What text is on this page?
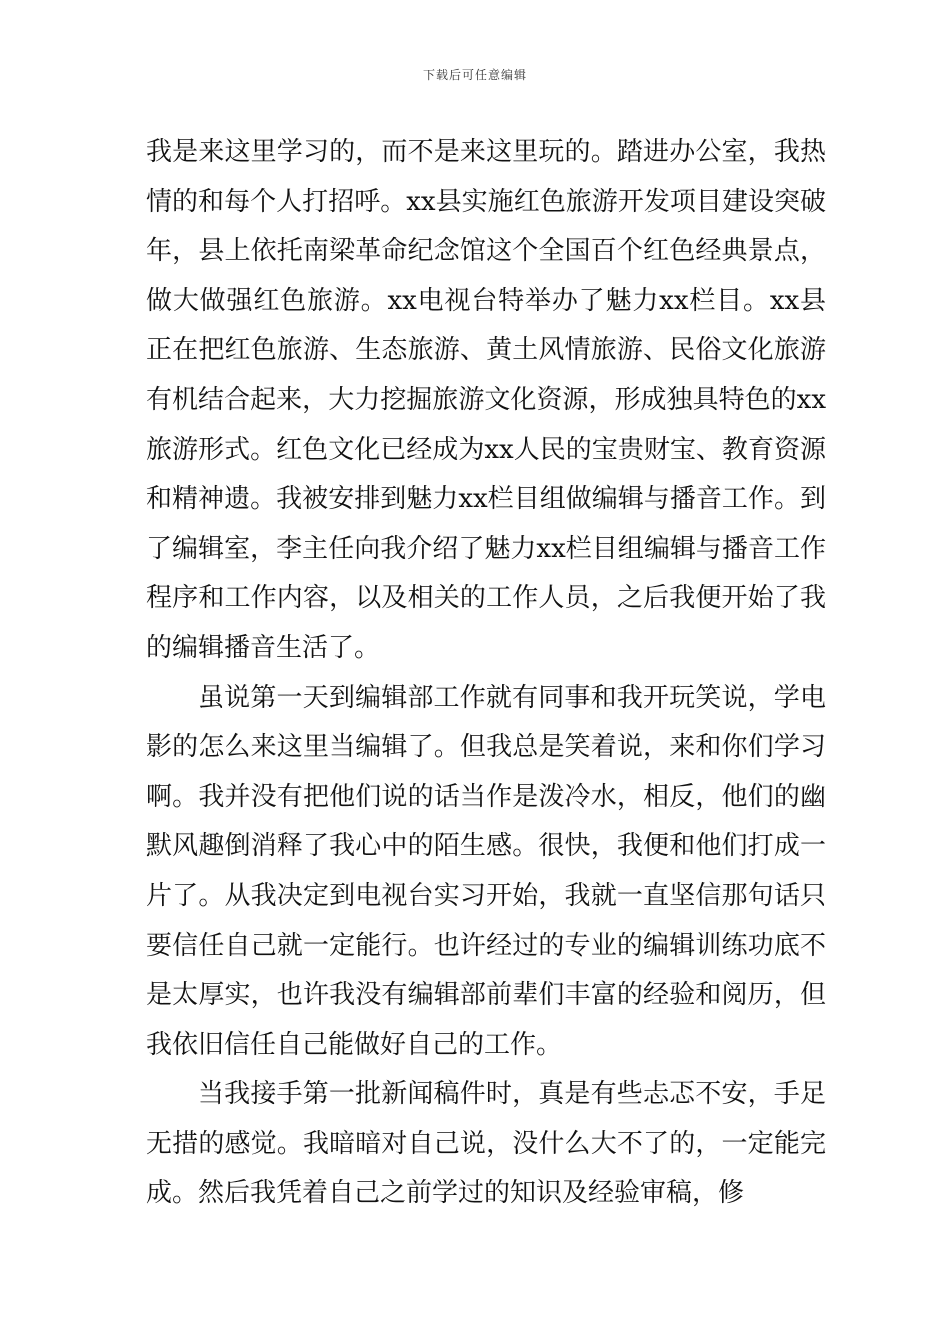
下载后可任意编辑

我是来这里学习的，而不是来这里玩的。踏进办公室，我热情的和每个人打招呼。xx县实施红色旅游开发项目建设突破年，县上依托南梁革命纪念馆这个全国百个红色经典景点，做大做强红色旅游。xx电视台特举办了魅力xx栏目。xx县正在把红色旅游、生态旅游、黄土风情旅游、民俗文化旅游有机结合起来，大力挖掘旅游文化资源，形成独具特色的xx旅游形式。红色文化已经成为xx人民的宝贵财宝、教育资源和精神遗。我被安排到魅力xx栏目组做编辑与播音工作。到了编辑室，李主任向我介绍了魅力xx栏目组编辑与播音工作程序和工作内容，以及相关的工作人员，之后我便开始了我的编辑播音生活了。

虽说第一天到编辑部工作就有同事和我开玩笑说，学电影的怎么来这里当编辑了。但我总是笑着说，来和你们学习啊。我并没有把他们说的话当作是泼冷水，相反，他们的幽默风趣倒消释了我心中的陌生感。很快，我便和他们打成一片了。从我决定到电视台实习开始，我就一直坚信那句话只要信任自己就一定能行。也许经过的专业的编辑训练功底不是太厚实，也许我没有编辑部前辈们丰富的经验和阅历，但我依旧信任自己能做好自己的工作。

当我接手第一批新闻稿件时，真是有些忐忑不安，手足无措的感觉。我暗暗对自己说，没什么大不了的，一定能完成。然后我凭着自己之前学过的知识及经验审稿，修
